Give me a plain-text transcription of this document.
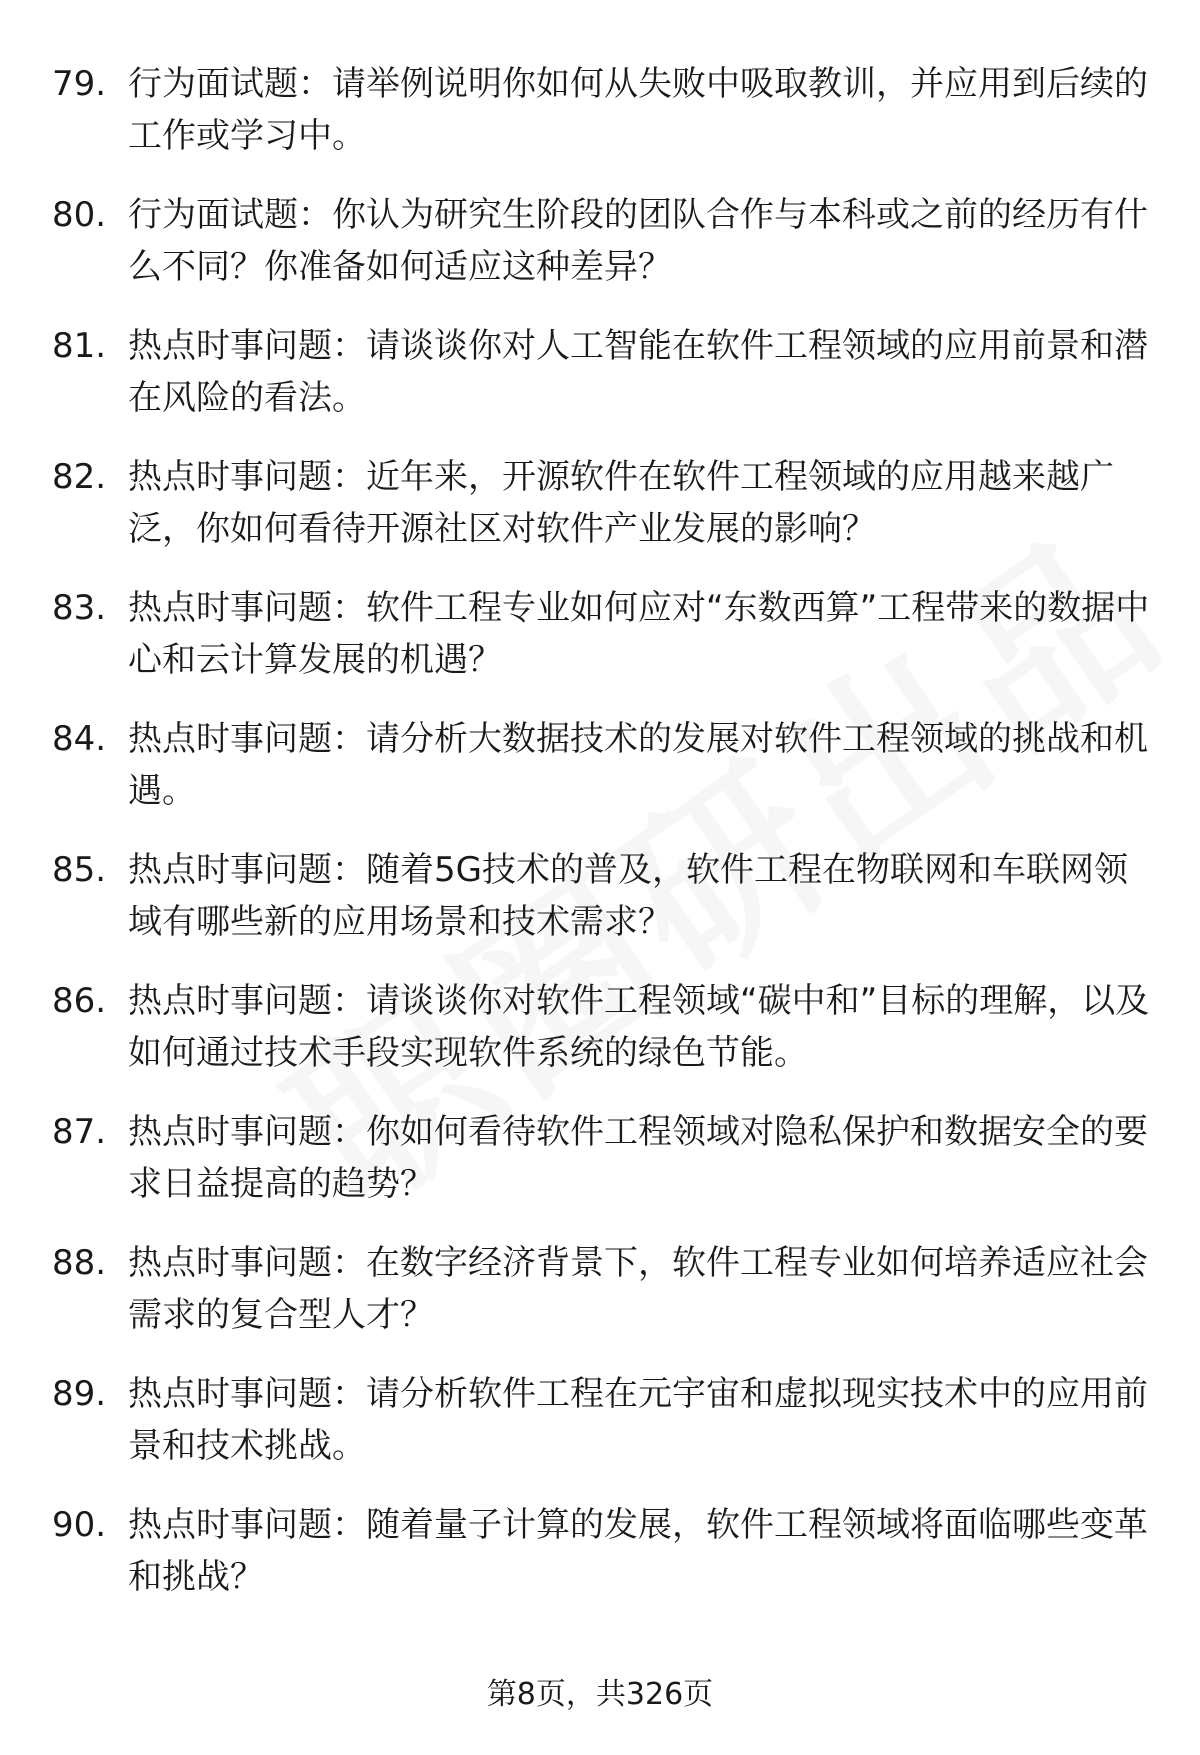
79. 行为面试题：请举例说明你如何从失败中吸取教训，并应用到后续的工作或学习中。
80. 行为面试题：你认为研究生阶段的团队合作与本科或之前的经历有什么不同？你准备如何适应这种差异？
81. 热点时事问题：请谈谈你对人工智能在软件工程领域的应用前景和潜在风险的看法。
82. 热点时事问题：近年来，开源软件在软件工程领域的应用越来越广泛，你如何看待开源社区对软件产业发展的影响？
83. 热点时事问题：软件工程专业如何应对“东数西算”工程带来的数据中心和云计算发展的机遇？
84. 热点时事问题：请分析大数据技术的发展对软件工程领域的挑战和机遇。
85. 热点时事问题：随着5G技术的普及，软件工程在物联网和车联网领域有哪些新的应用场景和技术需求？
86. 热点时事问题：请谈谈你对软件工程领域“碳中和”目标的理解，以及如何通过技术手段实现软件系统的绿色节能。
87. 热点时事问题：你如何看待软件工程领域对隐私保护和数据安全的要求日益提高的趋势？
88. 热点时事问题：在数字经济背景下，软件工程专业如何培养适应社会需求的复合型人才？
89. 热点时事问题：请分析软件工程在元宇宙和虚拟现实技术中的应用前景和技术挑战。
90. 热点时事问题：随着量子计算的发展，软件工程领域将面临哪些变革和挑战？
第8页，共326页
